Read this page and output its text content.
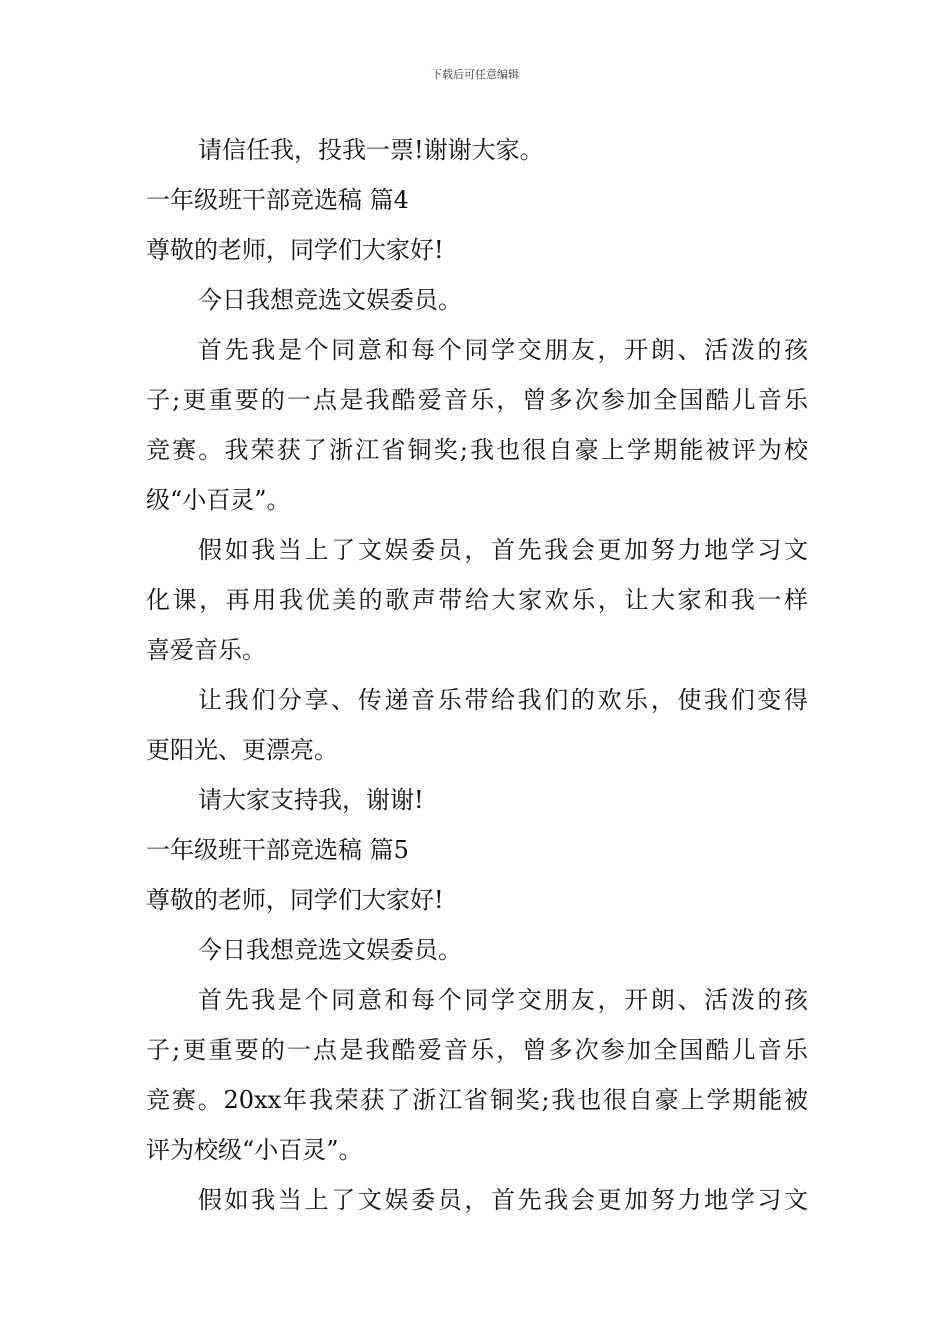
下载后可任意编辑

请信任我，投我一票!谢谢大家。

一年级班干部竞选稿 篇4

尊敬的老师，同学们大家好!

今日我想竞选文娱委员。

首先我是个同意和每个同学交朋友，开朗、活泼的孩

子;更重要的一点是我酷爱音乐，曾多次参加全国酷儿音乐

竞赛。我荣获了浙江省铜奖;我也很自豪上学期能被评为校

级“小百灵”。

假如我当上了文娱委员，首先我会更加努力地学习文

化课，再用我优美的歌声带给大家欢乐，让大家和我一样

喜爱音乐。

让我们分享、传递音乐带给我们的欢乐，使我们变得

更阳光、更漂亮。

请大家支持我，谢谢!

一年级班干部竞选稿 篇5

尊敬的老师，同学们大家好!

今日我想竞选文娱委员。

首先我是个同意和每个同学交朋友，开朗、活泼的孩

子;更重要的一点是我酷爱音乐，曾多次参加全国酷儿音乐

竞赛。20xx年我荣获了浙江省铜奖;我也很自豪上学期能被

评为校级“小百灵”。

假如我当上了文娱委员，首先我会更加努力地学习文
